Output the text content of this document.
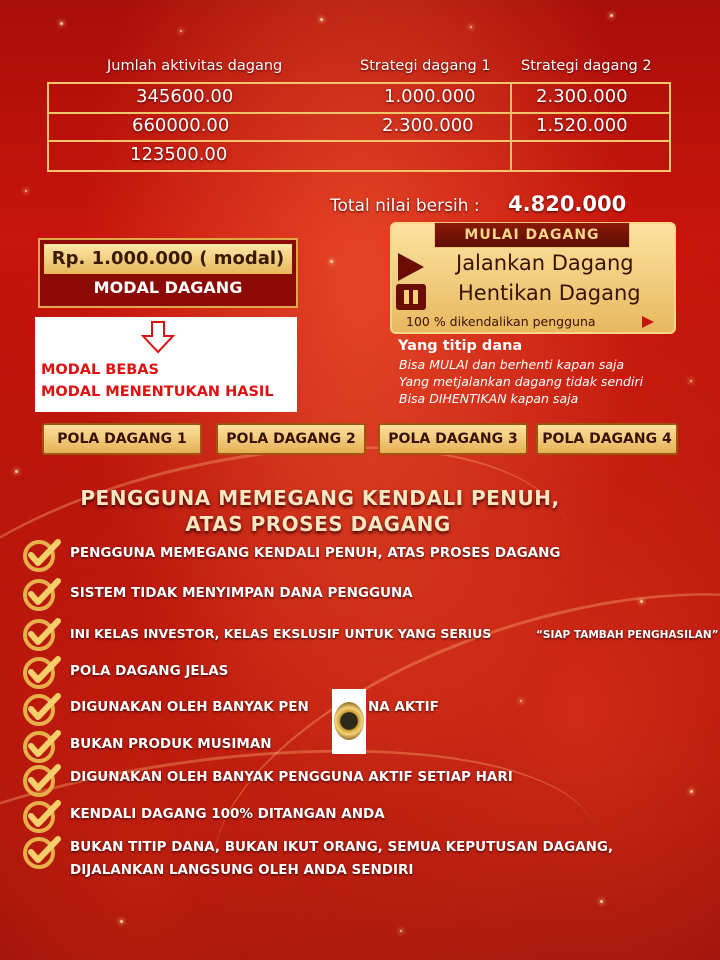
Jumlah aktivitas dagang	Strategi dagang 1 Strategi dagang 2
345600.00	1.000.000	2.300.000
660000.00	2.300.000	1.520.000
123500.00
Total nilai bersih : 4.820.000
Rp. 1.000.000 ( modal)
MODAL DAGANG
MODAL BEBAS
MODAL MENENTUKAN HASIL
MULAI DAGANG
Jalankan Dagang
Hentikan Dagang
100 % dikendalikan pengguna
Yang titip dana
Bisa MULAI dan berhenti kapan saja
Yang metjalankan dagang tidak sendiri
Bisa DIHENTIKAN kapan saja
POLA DAGANG 1	POLA DAGANG 2	POLA DAGANG 3	POLA DAGANG 4
PENGGUNA MEMEGANG KENDALI PENUH,
ATAS PROSES DAGANG
PENGGUNA MEMEGANG KENDALI PENUH, ATAS PROSES DAGANG
SISTEM TIDAK MENYIMPAN DANA PENGGUNA
INI KELAS INVESTOR, KELAS EKSLUSIF UNTUK YANG SERIUS	“SIAP TAMBAH PENGHASILAN”
POLA DAGANG JELAS
DIGUNAKAN OLEH BANYAK PEN	NA AKTIF
BUKAN PRODUK MUSIMAN
DIGUNAKAN OLEH BANYAK PENGGUNA AKTIF SETIAP HARI
KENDALI DAGANG 100% DITANGAN ANDA
BUKAN TITIP DANA, BUKAN IKUT ORANG, SEMUA KEPUTUSAN DAGANG,
DIJALANKAN LANGSUNG OLEH ANDA SENDIRI
